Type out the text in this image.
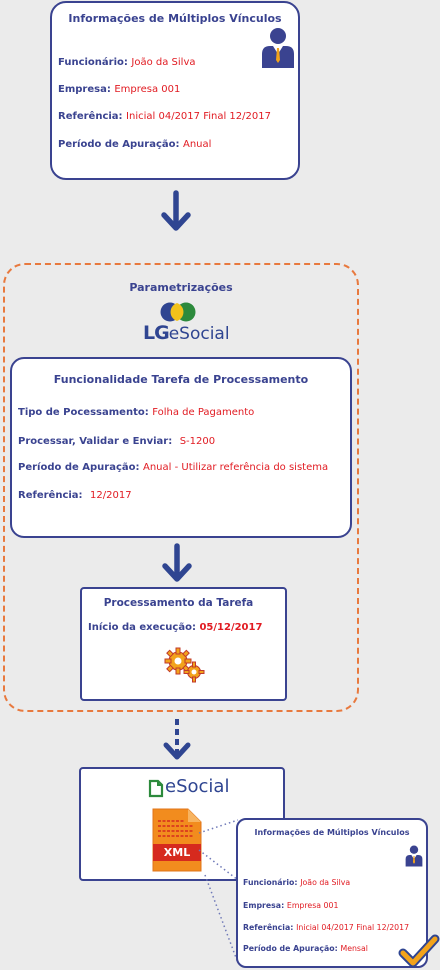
Informações de Múltiplos Vínculos
Funcionário: João da Silva
Empresa: Empresa 001
Referência: Inicial 04/2017 Final 12/2017
Período de Apuração: Anual
Parametrizações
LGeSocial
Funcionalidade Tarefa de Processamento
Tipo de Pocessamento: Folha de Pagamento
Processar, Validar e Enviar: S-1200
Período de Apuração: Anual - Utilizar referência do sistema
Referência: 12/2017
Processamento da Tarefa
Início da execução: 05/12/2017
eSocial
XML
Informações de Múltiplos Vínculos
Funcionário: João da Silva
Empresa: Empresa 001
Referência: Inicial 04/2017 Final 12/2017
Período de Apuração: Mensal
